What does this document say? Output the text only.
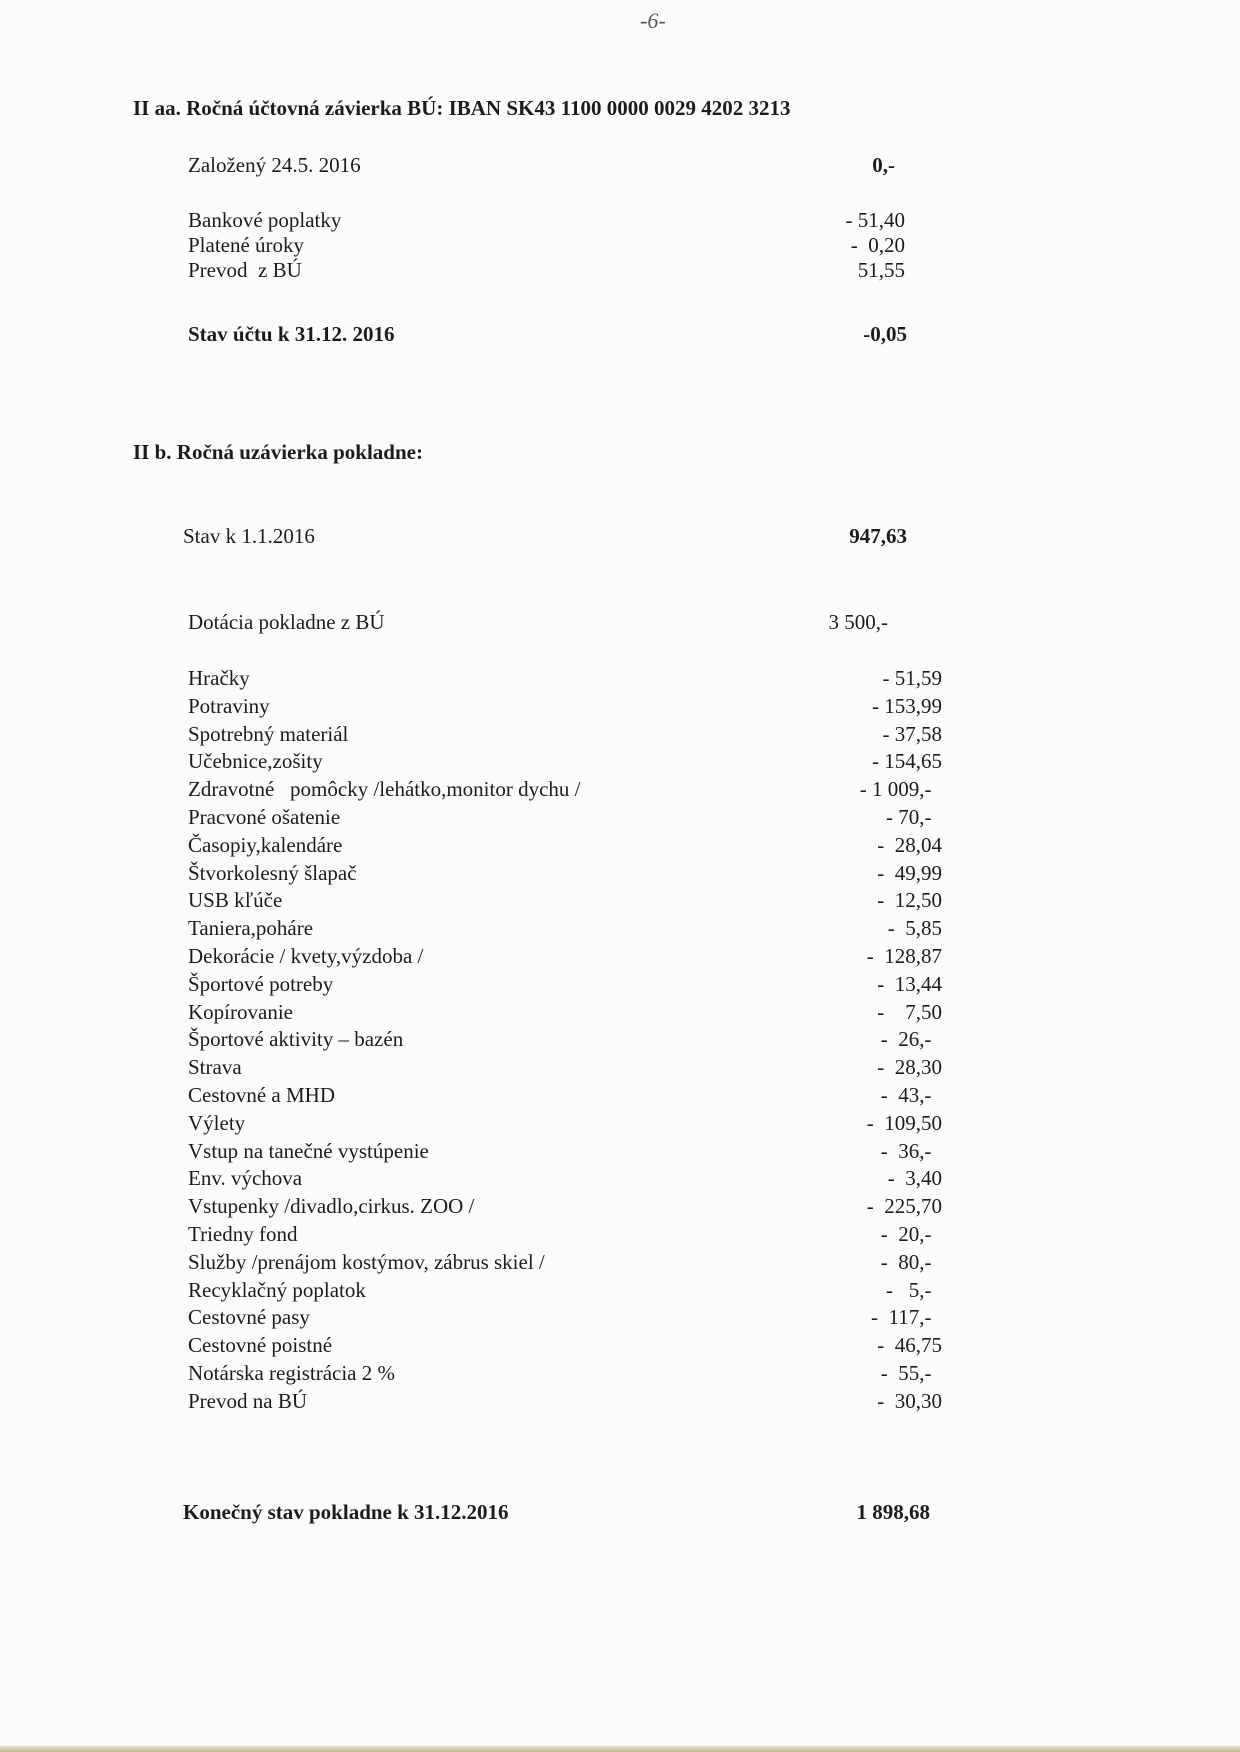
-6-
II aa. Ročná účtovná závierka BÚ: IBAN SK43 1100 0000 0029 4202 3213
Založený 24.5. 2016	0,-
Bankové poplatky	- 51,40
Platené úroky	-  0,20
Prevod  z BÚ	51,55
Stav účtu k 31.12. 2016	-0,05
II b. Ročná uzávierka pokladne:
Stav k 1.1.2016	947,63
Dotácia pokladne z BÚ	3 500,-
Hračky	- 51,59
Potraviny	- 153,99
Spotrebný materiál	- 37,58
Učebnice,zošity	- 154,65
Zdravotné   pomôcky /lehátko,monitor dychu /	- 1 009,-
Pracvoné ošatenie	- 70,-
Časopiy,kalendáre	-  28,04
Štvorkolesný šlapač	-  49,99
USB kľúče	-  12,50
Taniera,poháre	-  5,85
Dekorácie / kvety,výzdoba /	-  128,87
Športové potreby	-  13,44
Kopírovanie	-    7,50
Športové aktivity – bazén	-  26,-
Strava	-  28,30
Cestovné a MHD	-  43,-
Výlety	-  109,50
Vstup na tanečné vystúpenie	-  36,-
Env. výchova	-  3,40
Vstupenky /divadlo,cirkus. ZOO /	-  225,70
Triedny fond	-  20,-
Služby /prenájom kostýmov, zábrus skiel /	-  80,-
Recyklačný poplatok	-   5,-
Cestovné pasy	-  117,-
Cestovné poistné	-  46,75
Notárska registrácia 2 %	-  55,-
Prevod na BÚ	-  30,30
Konečný stav pokladne k 31.12.2016	1 898,68
